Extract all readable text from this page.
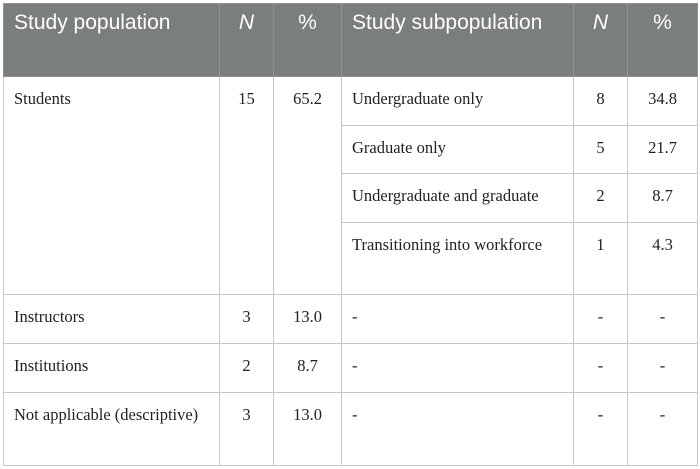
Study population	N	%	Study subpopulation	N	%
Students	15	65.2	Undergraduate only	8	34.8
			Graduate only	5	21.7
			Undergraduate and graduate	2	8.7
			Transitioning into workforce	1	4.3
Instructors	3	13.0	-	-	-
Institutions	2	8.7	-	-	-
Not applicable (descriptive)	3	13.0	-	-	-
